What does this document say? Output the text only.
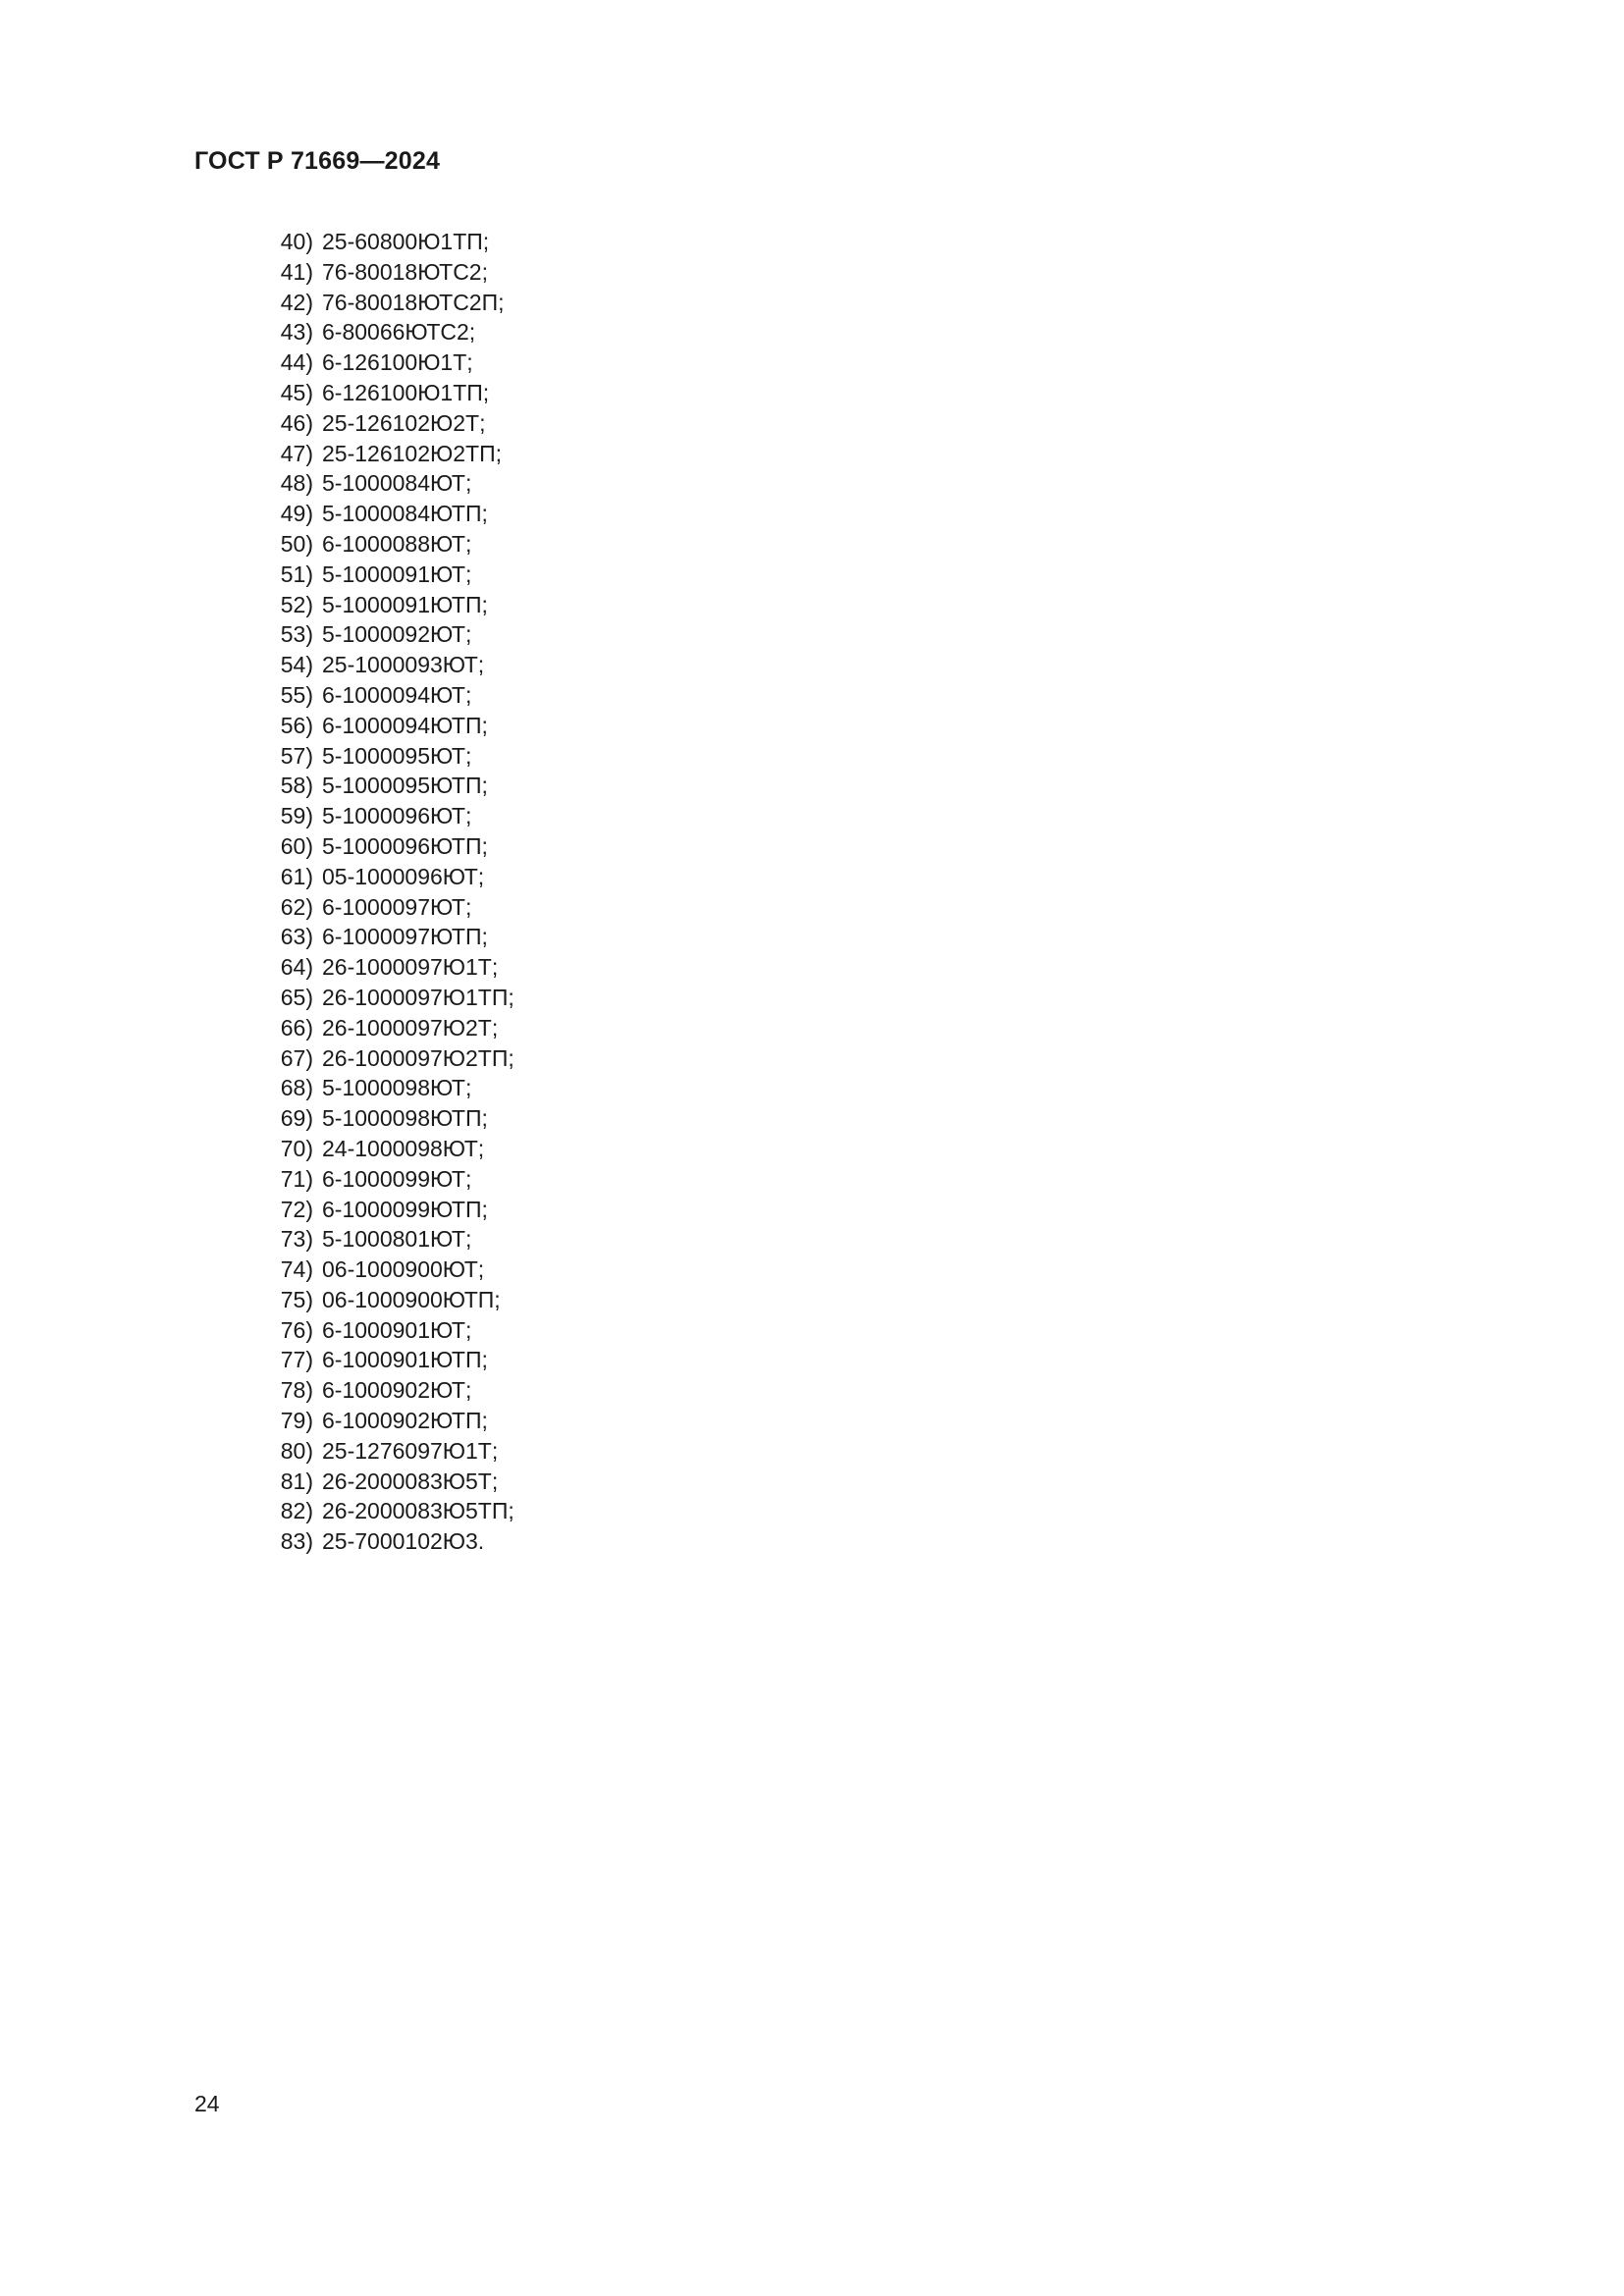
ГОСТ Р 71669—2024
40) 25-60800Ю1ТП;
41) 76-80018ЮТС2;
42) 76-80018ЮТС2П;
43) 6-80066ЮТС2;
44) 6-126100Ю1Т;
45) 6-126100Ю1ТП;
46) 25-126102Ю2Т;
47) 25-126102Ю2ТП;
48) 5-1000084ЮТ;
49) 5-1000084ЮТП;
50) 6-1000088ЮТ;
51) 5-1000091ЮТ;
52) 5-1000091ЮТП;
53) 5-1000092ЮТ;
54) 25-1000093ЮТ;
55) 6-1000094ЮТ;
56) 6-1000094ЮТП;
57) 5-1000095ЮТ;
58) 5-1000095ЮТП;
59) 5-1000096ЮТ;
60) 5-1000096ЮТП;
61) 05-1000096ЮТ;
62) 6-1000097ЮТ;
63) 6-1000097ЮТП;
64) 26-1000097Ю1Т;
65) 26-1000097Ю1ТП;
66) 26-1000097Ю2Т;
67) 26-1000097Ю2ТП;
68) 5-1000098ЮТ;
69) 5-1000098ЮТП;
70) 24-1000098ЮТ;
71) 6-1000099ЮТ;
72) 6-1000099ЮТП;
73) 5-1000801ЮТ;
74) 06-1000900ЮТ;
75) 06-1000900ЮТП;
76) 6-1000901ЮТ;
77) 6-1000901ЮТП;
78) 6-1000902ЮТ;
79) 6-1000902ЮТП;
80) 25-1276097Ю1Т;
81) 26-2000083Ю5Т;
82) 26-2000083Ю5ТП;
83) 25-7000102Ю3.
24
